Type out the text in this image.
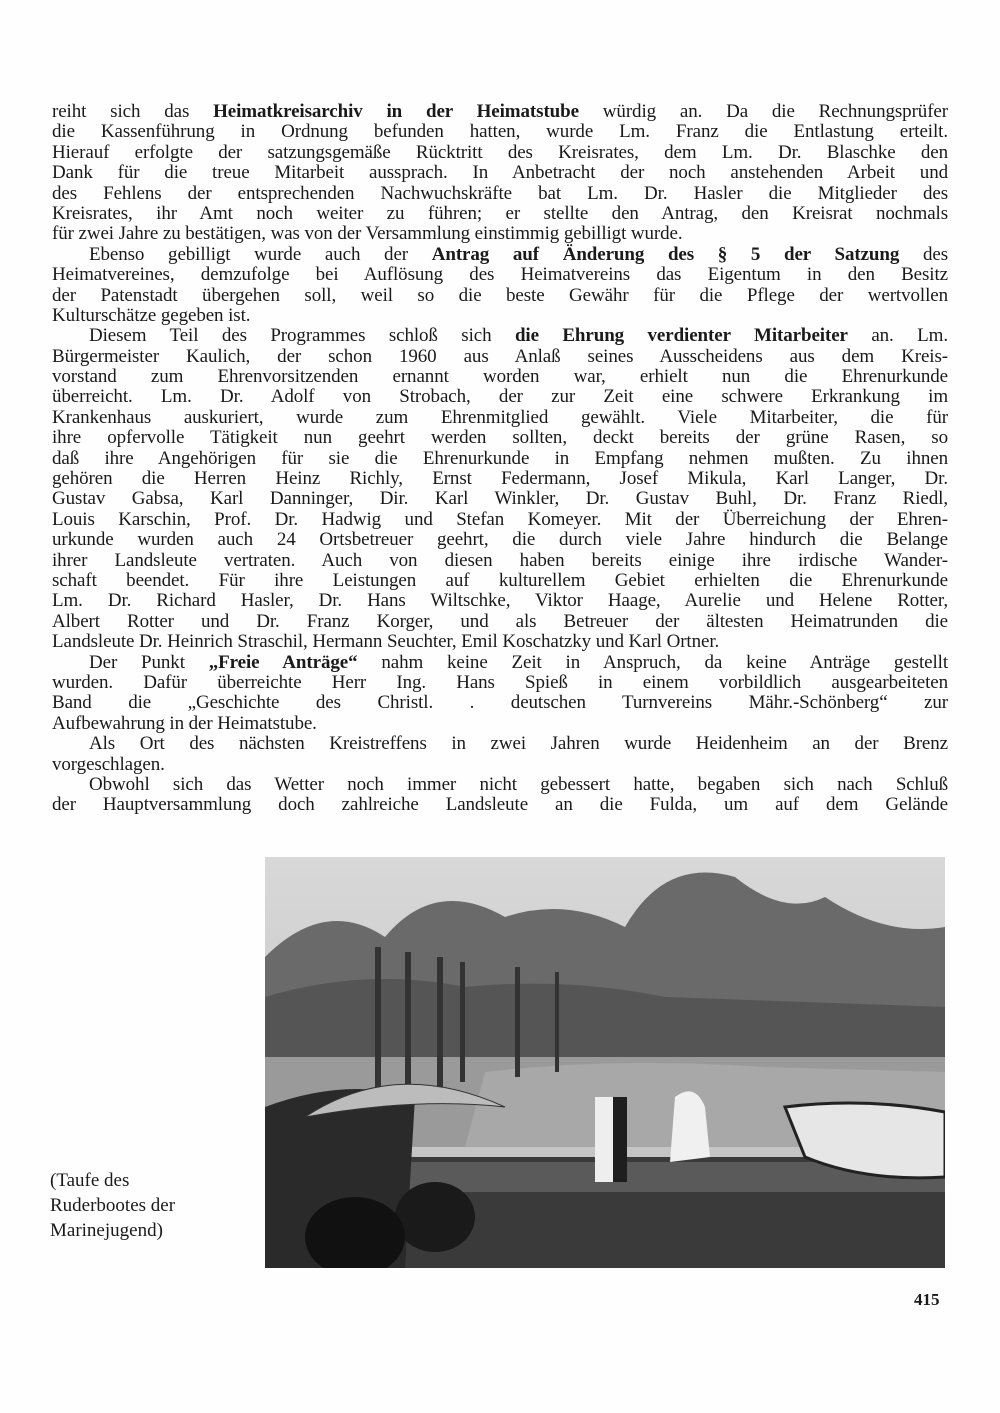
reiht sich das Heimatkreisarchiv in der Heimatstube würdig an. Da die Rechnungsprüfer
die Kassenführung in Ordnung befunden hatten, wurde Lm. Franz die Entlastung erteilt.
Hierauf erfolgte der satzungsgemäße Rücktritt des Kreisrates, dem Lm. Dr. Blaschke den
Dank für die treue Mitarbeit aussprach. In Anbetracht der noch anstehenden Arbeit und
des Fehlens der entsprechenden Nachwuchskräfte bat Lm. Dr. Hasler die Mitglieder des
Kreisrates, ihr Amt noch weiter zu führen; er stellte den Antrag, den Kreisrat nochmals
für zwei Jahre zu bestätigen, was von der Versammlung einstimmig gebilligt wurde.
Ebenso gebilligt wurde auch der Antrag auf Änderung des § 5 der Satzung des
Heimatvereines, demzufolge bei Auflösung des Heimatvereins das Eigentum in den Besitz
der Patenstadt übergehen soll, weil so die beste Gewähr für die Pflege der wertvollen
Kulturschätze gegeben ist.
Diesem Teil des Programmes schloß sich die Ehrung verdienter Mitarbeiter an. Lm.
Bürgermeister Kaulich, der schon 1960 aus Anlaß seines Ausscheidens aus dem Kreis-
vorstand zum Ehrenvorsitzenden ernannt worden war, erhielt nun die Ehrenurkunde
überreicht. Lm. Dr. Adolf von Strobach, der zur Zeit eine schwere Erkrankung im
Krankenhaus auskuriert, wurde zum Ehrenmitglied gewählt. Viele Mitarbeiter, die für
ihre opfervolle Tätigkeit nun geehrt werden sollten, deckt bereits der grüne Rasen, so
daß ihre Angehörigen für sie die Ehrenurkunde in Empfang nehmen mußten. Zu ihnen
gehören die Herren Heinz Richly, Ernst Federmann, Josef Mikula, Karl Langer, Dr.
Gustav Gabsa, Karl Danninger, Dir. Karl Winkler, Dr. Gustav Buhl, Dr. Franz Riedl,
Louis Karschin, Prof. Dr. Hadwig und Stefan Komeyer. Mit der Überreichung der Ehren-
urkunde wurden auch 24 Ortsbetreuer geehrt, die durch viele Jahre hindurch die Belange
ihrer Landsleute vertraten. Auch von diesen haben bereits einige ihre irdische Wander-
schaft beendet. Für ihre Leistungen auf kulturellem Gebiet erhielten die Ehrenurkunde
Lm. Dr. Richard Hasler, Dr. Hans Wiltschke, Viktor Haage, Aurelie und Helene Rotter,
Albert Rotter und Dr. Franz Korger, und als Betreuer der ältesten Heimatrunden die
Landsleute Dr. Heinrich Straschil, Hermann Seuchter, Emil Koschatzky und Karl Ortner.
Der Punkt „Freie Anträge“ nahm keine Zeit in Anspruch, da keine Anträge gestellt
wurden. Dafür überreichte Herr Ing. Hans Spieß in einem vorbildlich ausgearbeiteten
Band die „Geschichte des Christl. . deutschen Turnvereins Mähr.-Schönberg“ zur
Aufbewahrung in der Heimatstube.
Als Ort des nächsten Kreistreffens in zwei Jahren wurde Heidenheim an der Brenz
vorgeschlagen.
Obwohl sich das Wetter noch immer nicht gebessert hatte, begaben sich nach Schluß
der Hauptversammlung doch zahlreiche Landsleute an die Fulda, um auf dem Gelände
(Taufe des
Ruderbootes der
Marinejugend)
415
